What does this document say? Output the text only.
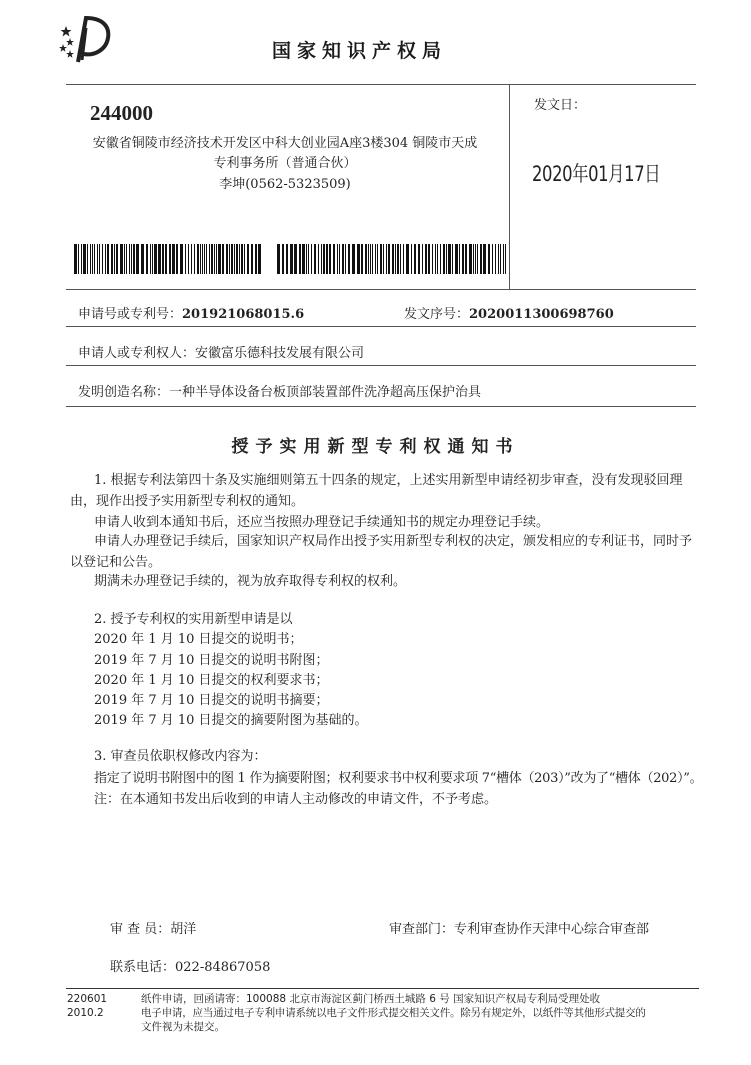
国家知识产权局
244000
安徽省铜陵市经济技术开发区中科大创业园A座3楼304 铜陵市天成
专利事务所（普通合伙）
李坤(0562-5323509)
发文日：
2020年01月17日
申请号或专利号：201921068015.6	发文序号：2020011300698760
申请人或专利权人：安徽富乐德科技发展有限公司
发明创造名称：一种半导体设备台板顶部装置部件洗净超高压保护治具
授予实用新型专利权通知书

1. 根据专利法第四十条及实施细则第五十四条的规定，上述实用新型申请经初步审查，没有发现驳回理由，现作出授予实用新型专利权的通知。

申请人收到本通知书后，还应当按照办理登记手续通知书的规定办理登记手续。

申请人办理登记手续后，国家知识产权局作出授予实用新型专利权的决定，颁发相应的专利证书，同时予以登记和公告。

期满未办理登记手续的，视为放弃取得专利权的权利。

2. 授予专利权的实用新型申请是以

2020 年 1 月 10 日提交的说明书；
2019 年 7 月 10 日提交的说明书附图；
2020 年 1 月 10 日提交的权利要求书；
2019 年 7 月 10 日提交的说明书摘要；
2019 年 7 月 10 日提交的摘要附图为基础的。

3. 审查员依职权修改内容为：

指定了说明书附图中的图 1 作为摘要附图；权利要求书中权利要求项 7“槽体（203）”改为了“槽体（202）”。
注：在本通知书发出后收到的申请人主动修改的申请文件，不予考虑。
审 查 员：胡洋	审查部门：专利审查协作天津中心综合审查部
联系电话：022-84867058
220601
2010.2
纸件申请，回函请寄：100088 北京市海淀区蓟门桥西土城路 6 号 国家知识产权局专利局受理处收
电子申请，应当通过电子专利申请系统以电子文件形式提交相关文件。除另有规定外，以纸件等其他形式提交的
文件视为未提交。
